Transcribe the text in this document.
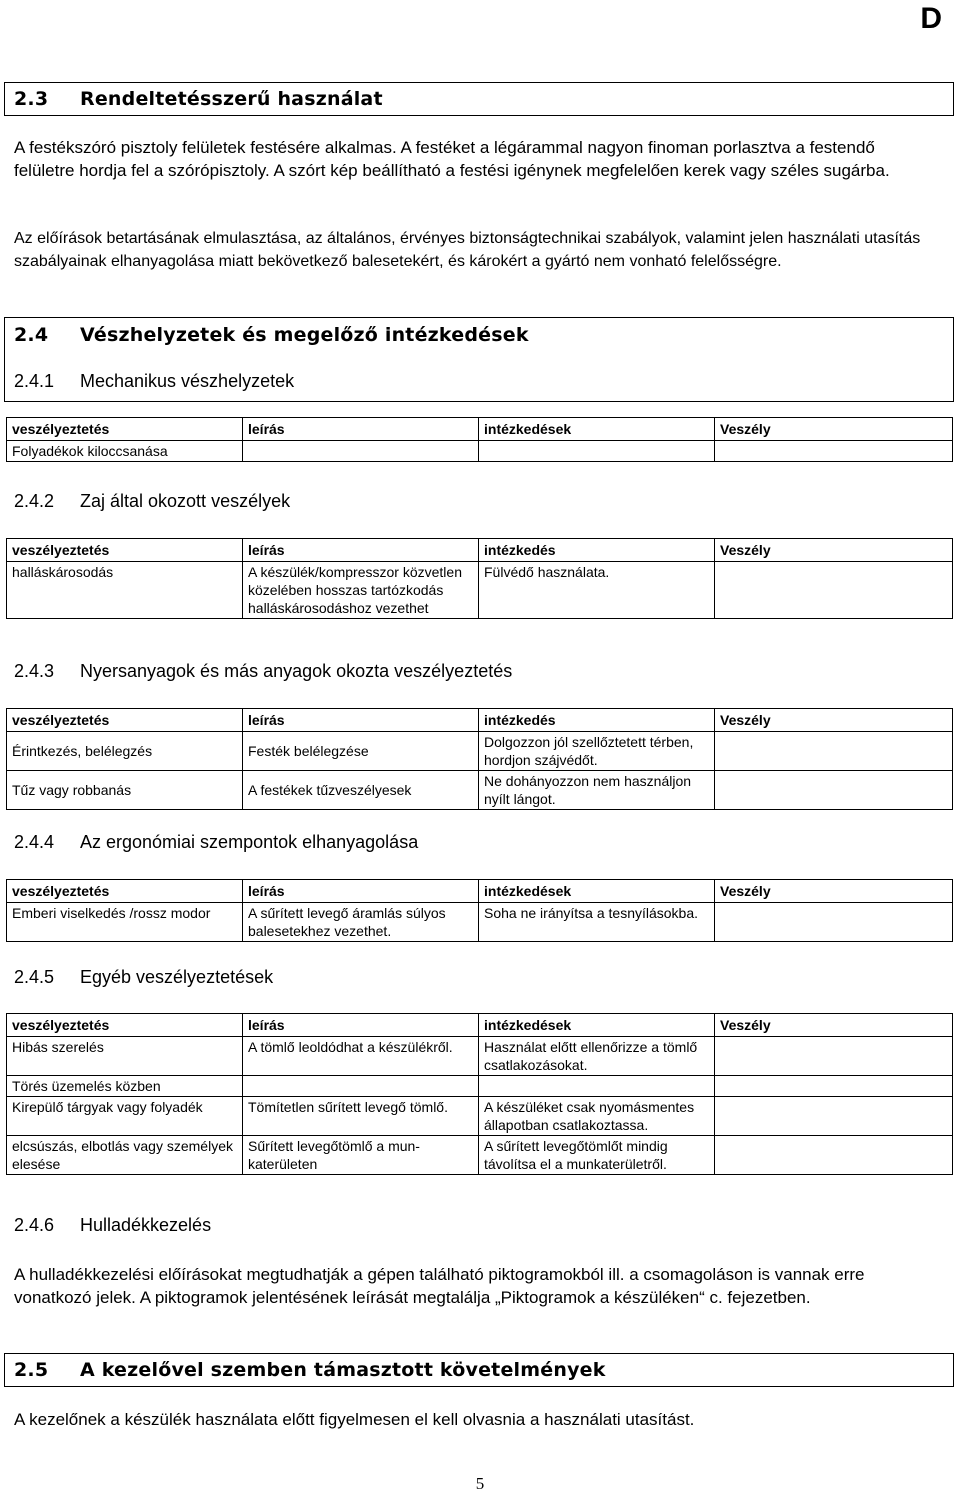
D
2.3 Rendeltetésszerű használat

A festékszóró pisztoly felületek festésére alkalmas. A festéket a légárammal nagyon finoman porlasztva a festendő felületre hordja fel a szórópisztoly. A szórt kép beállítható a festési igénynek megfelelően kerek vagy széles sugárba.

Az előírások betartásának elmulasztása, az általános, érvényes biztonságtechnikai szabályok, valamint jelen használati utasítás szabályainak elhanyagolása miatt bekövetkező balesetekért, és károkért a gyártó nem vonható felelősségre.

2.4 Vészhelyzetek és megelőző intézkedések
2.4.1 Mechanikus vészhelyzetek
veszélyeztetés	leírás	intézkedések	Veszély
Folyadékok kiloccsanása			
2.4.2 Zaj által okozott veszélyek
veszélyeztetés	leírás	intézkedés	Veszély
halláskárosodás	A készülék/kompresszor közvetlen közelében hosszas tartózkodás halláskárosodáshoz vezethet	Fülvédő használata.	
2.4.3 Nyersanyagok és más anyagok okozta veszélyeztetés
veszélyeztetés	leírás	intézkedés	Veszély
Érintkezés, belélegzés	Festék belélegzése	Dolgozzon jól szellőztetett térben, hordjon szájvédőt.	
Tűz vagy robbanás	A festékek tűzveszélyesek	Ne dohányozzon nem használjon nyílt lángot.	
2.4.4 Az ergonómiai szempontok elhanyagolása
veszélyeztetés	leírás	intézkedések	Veszély
Emberi viselkedés /rossz modor	A sűrített levegő áramlás súlyos balesetekhez vezethet.	Soha ne irányítsa a tesnyílásokba.	
2.4.5 Egyéb veszélyeztetések
veszélyeztetés	leírás	intézkedések	Veszély
Hibás szerelés	A tömlő leoldódhat a készülékről.	Használat előtt ellenőrizze a tömlő csatlakozásokat.	
Törés üzemelés közben			
Kirepülő tárgyak vagy folyadék	Tömítetlen sűrített levegő tömlő.	A készüléket csak nyomásmentes állapotban csatlakoztassa.	
elcsúszás, elbotlás vagy személyek elesése	Sűrített levegőtömlő a mun-katerületen	A sűrített levegőtömlőt mindig távolítsa el a munkaterületről.	
2.4.6 Hulladékkezelés

A hulladékkezelési előírásokat megtudhatják a gépen található piktogramokból ill. a csomagoláson is vannak erre vonatkozó jelek. A piktogramok jelentésének leírását megtalálja „Piktogramok a készüléken“ c. fejezetben.

2.5 A kezelővel szemben támasztott követelmények

A kezelőnek a készülék használata előtt figyelmesen el kell olvasnia a használati utasítást.

5
